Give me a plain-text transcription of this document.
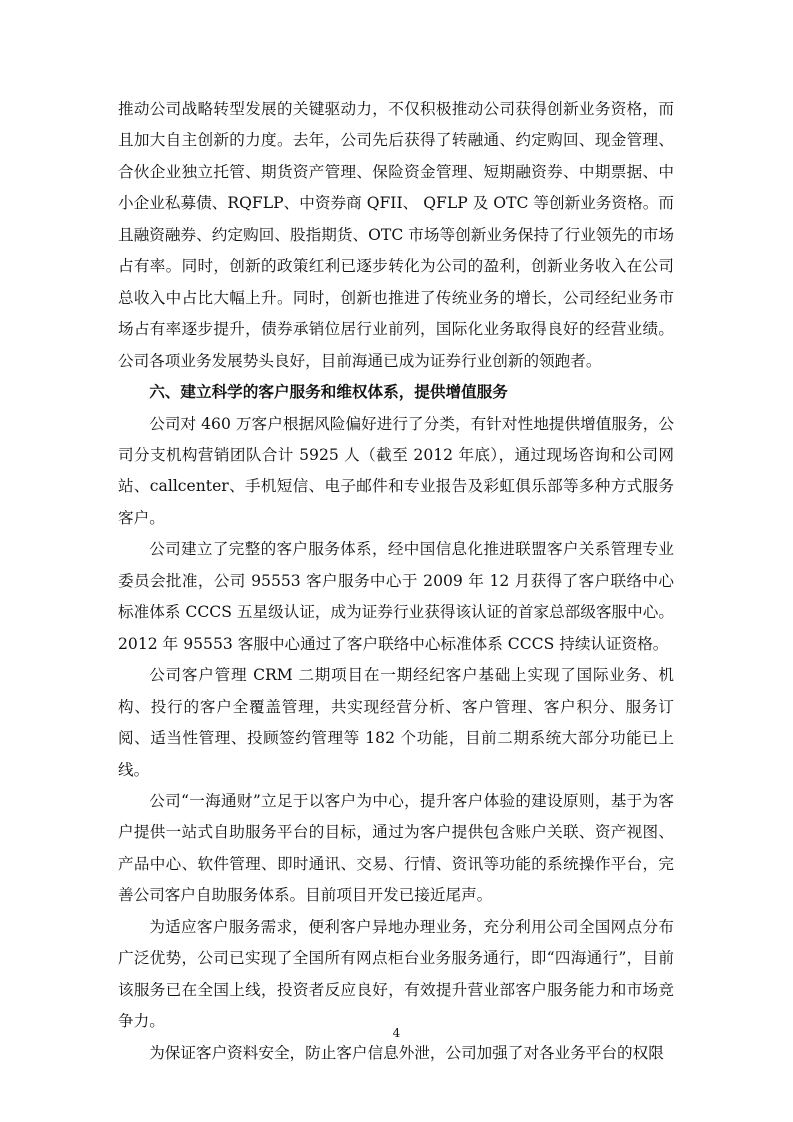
推动公司战略转型发展的关键驱动力，不仅积极推动公司获得创新业务资格，而且加大自主创新的力度。去年，公司先后获得了转融通、约定购回、现金管理、合伙企业独立托管、期货资产管理、保险资金管理、短期融资券、中期票据、中小企业私募债、RQFLP、中资券商 QFII、 QFLP 及 OTC 等创新业务资格。而且融资融券、约定购回、股指期货、OTC 市场等创新业务保持了行业领先的市场占有率。同时，创新的政策红利已逐步转化为公司的盈利，创新业务收入在公司总收入中占比大幅上升。同时，创新也推进了传统业务的增长，公司经纪业务市场占有率逐步提升，债券承销位居行业前列，国际化业务取得良好的经营业绩。公司各项业务发展势头良好，目前海通已成为证券行业创新的领跑者。

六、建立科学的客户服务和维权体系，提供增值服务

公司对 460 万客户根据风险偏好进行了分类，有针对性地提供增值服务，公司分支机构营销团队合计 5925 人（截至 2012 年底），通过现场咨询和公司网站、callcenter、手机短信、电子邮件和专业报告及彩虹俱乐部等多种方式服务客户。

公司建立了完整的客户服务体系，经中国信息化推进联盟客户关系管理专业委员会批准，公司 95553 客户服务中心于 2009 年 12 月获得了客户联络中心标准体系 CCCS 五星级认证，成为证券行业获得该认证的首家总部级客服中心。2012 年 95553 客服中心通过了客户联络中心标准体系 CCCS 持续认证资格。

公司客户管理 CRM 二期项目在一期经纪客户基础上实现了国际业务、机构、投行的客户全覆盖管理，共实现经营分析、客户管理、客户积分、服务订阅、适当性管理、投顾签约管理等 182 个功能，目前二期系统大部分功能已上线。

公司“一海通财”立足于以客户为中心，提升客户体验的建设原则，基于为客户提供一站式自助服务平台的目标，通过为客户提供包含账户关联、资产视图、产品中心、软件管理、即时通讯、交易、行情、资讯等功能的系统操作平台，完善公司客户自助服务体系。目前项目开发已接近尾声。

为适应客户服务需求，便利客户异地办理业务，充分利用公司全国网点分布广泛优势，公司已实现了全国所有网点柜台业务服务通行，即“四海通行”，目前该服务已在全国上线，投资者反应良好，有效提升营业部客户服务能力和市场竞争力。

为保证客户资料安全，防止客户信息外泄，公司加强了对各业务平台的权限

4
